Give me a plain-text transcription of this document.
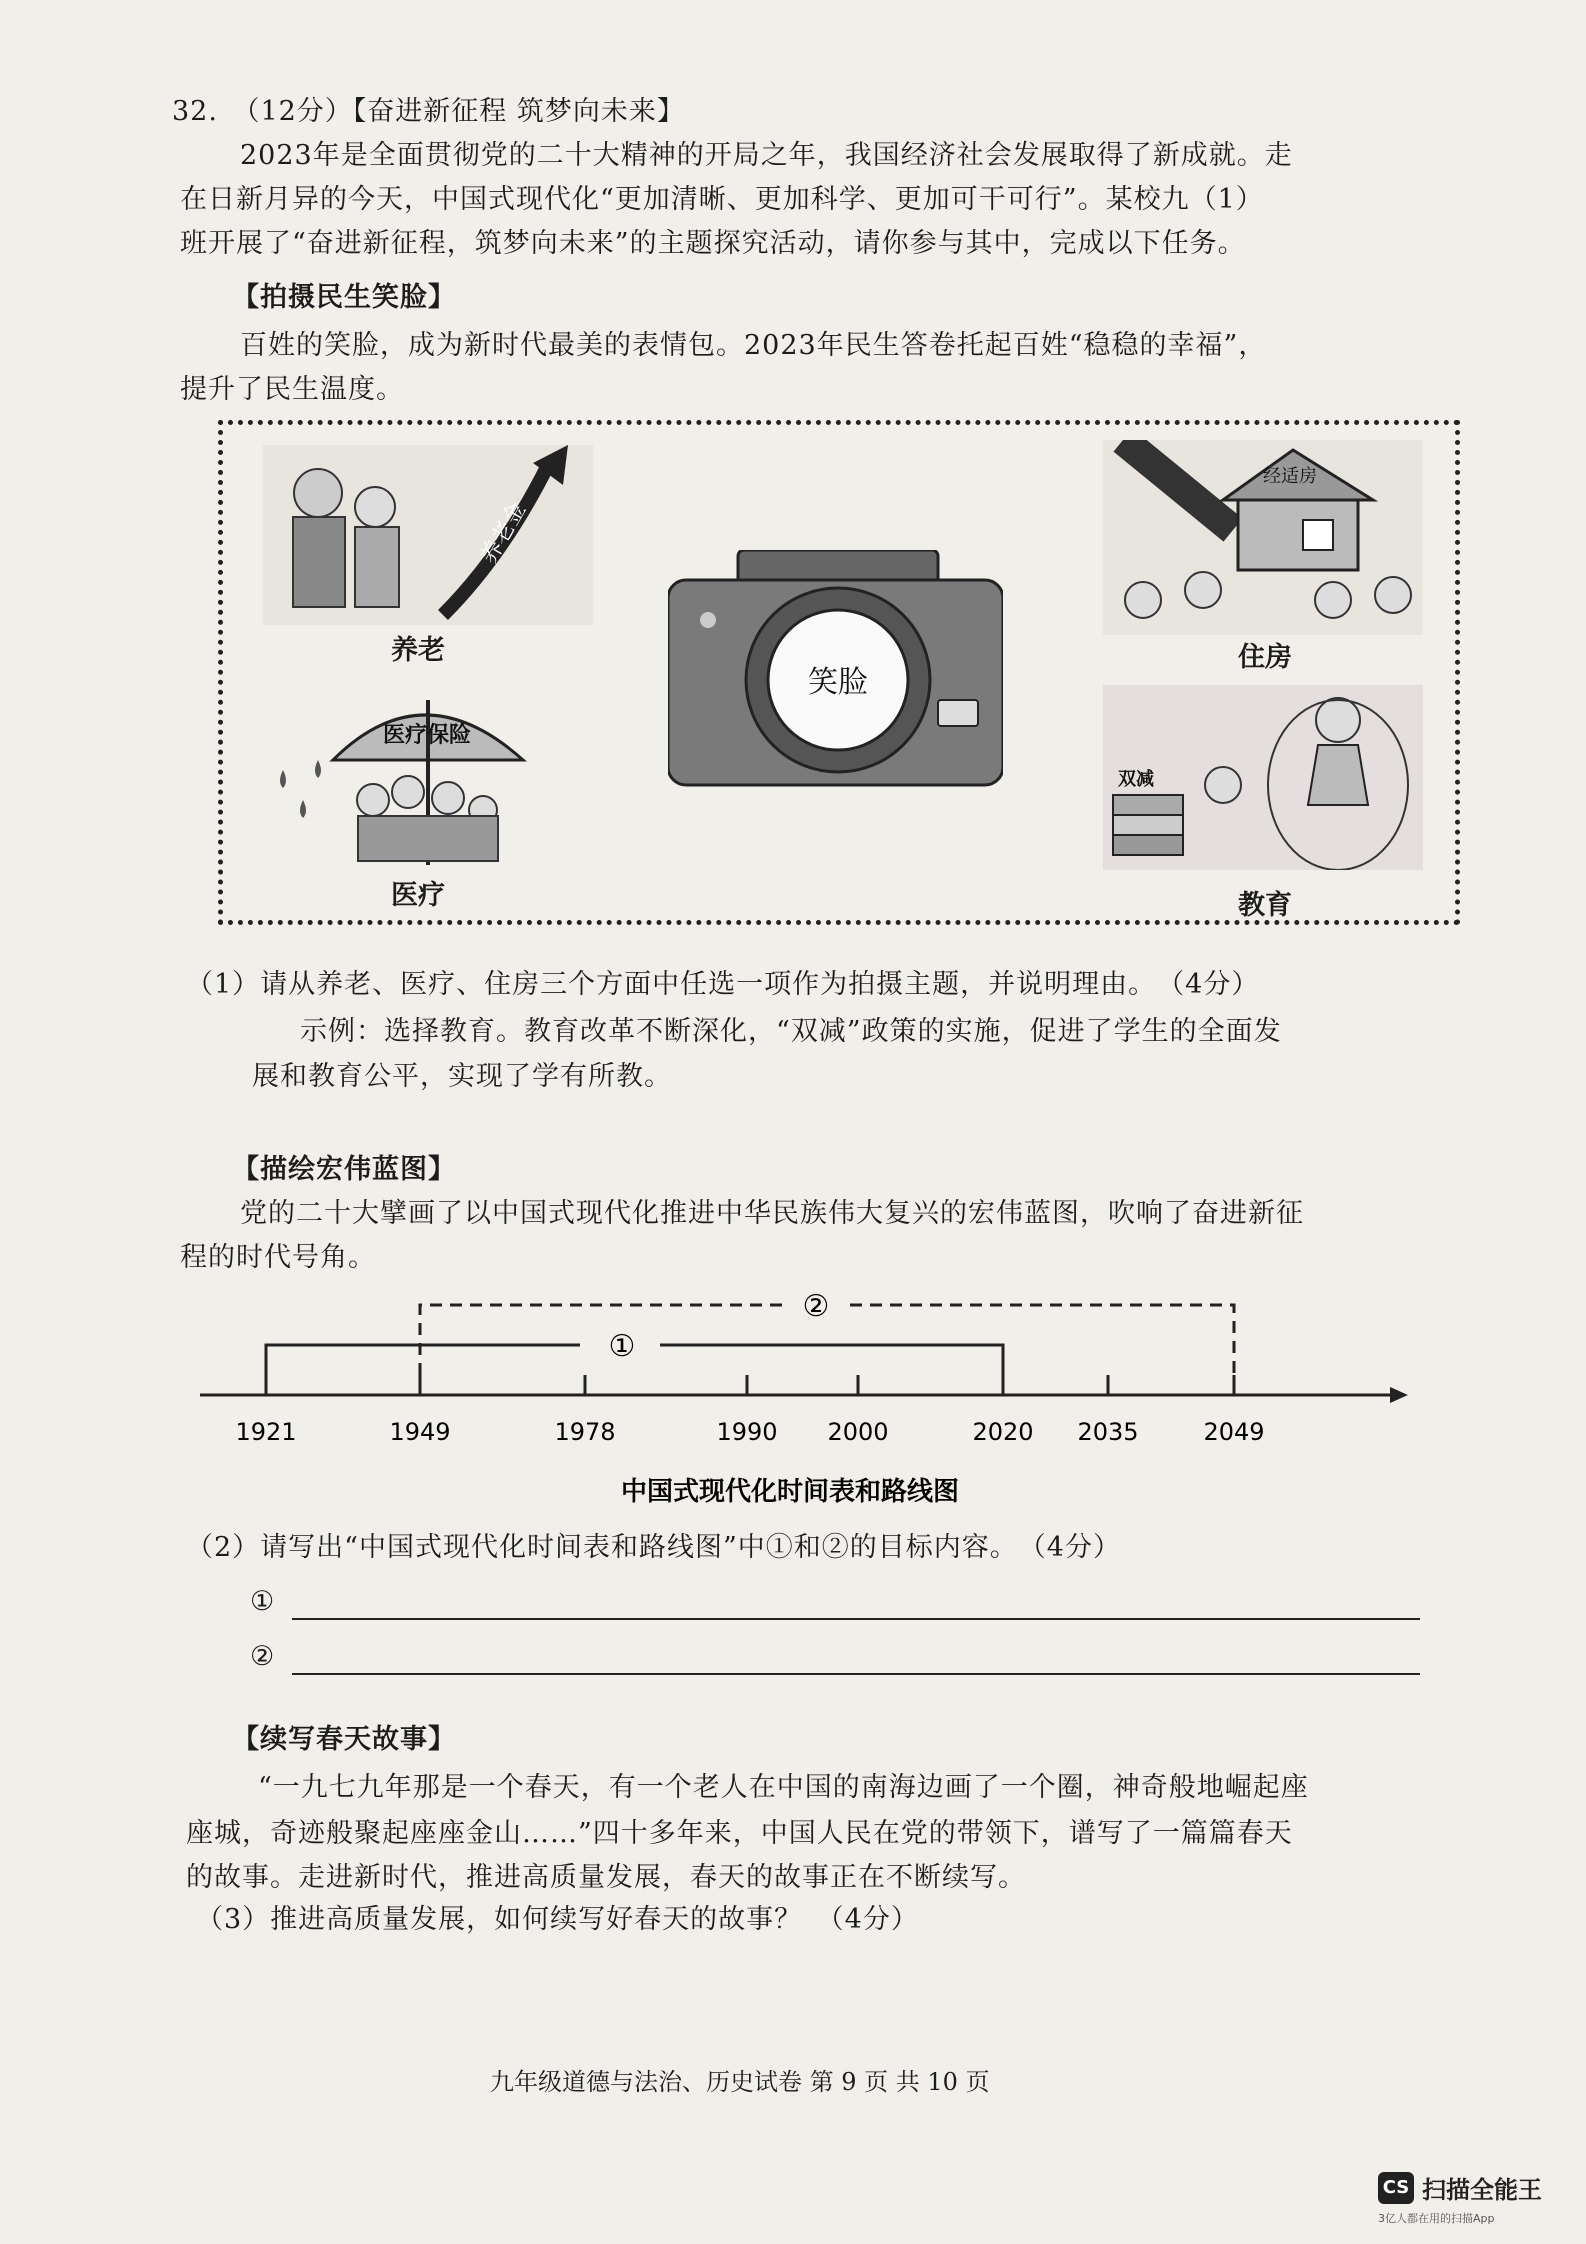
32.　（12分）【奋进新征程 筑梦向未来】
2023年是全面贯彻党的二十大精神的开局之年，我国经济社会发展取得了新成就。走
在日新月异的今天，中国式现代化“更加清晰、更加科学、更加可干可行”。某校九（1）
班开展了“奋进新征程，筑梦向未来”的主题探究活动，请你参与其中，完成以下任务。
【拍摄民生笑脸】
百姓的笑脸，成为新时代最美的表情包。2023年民生答卷托起百姓“稳稳的幸福”，
提升了民生温度。
养老金
养老
医疗保险
医疗
笑脸
经适房
住房
双减
教育
（1）请从养老、医疗、住房三个方面中任选一项作为拍摄主题，并说明理由。　（4分）
示例：选择教育。教育改革不断深化，“双减”政策的实施，促进了学生的全面发
展和教育公平，实现了学有所教。
【描绘宏伟蓝图】
党的二十大擘画了以中国式现代化推进中华民族伟大复兴的宏伟蓝图，吹响了奋进新征
程的时代号角。
①
②
1921	1949	1978	1990 2000	2020 2035	2049
中国式现代化时间表和路线图
（2）请写出“中国式现代化时间表和路线图”中①和②的目标内容。　（4分）
①
②
【续写春天故事】
“一九七九年那是一个春天，有一个老人在中国的南海边画了一个圈，神奇般地崛起座
座城，奇迹般聚起座座金山……”四十多年来，中国人民在党的带领下，谱写了一篇篇春天
的故事。走进新时代，推进高质量发展，春天的故事正在不断续写。
（3）推进高质量发展，如何续写好春天的故事？　（4分）
九年级道德与法治、历史试卷 第 9 页 共 10 页
CS 扫描全能王
3亿人都在用的扫描App
